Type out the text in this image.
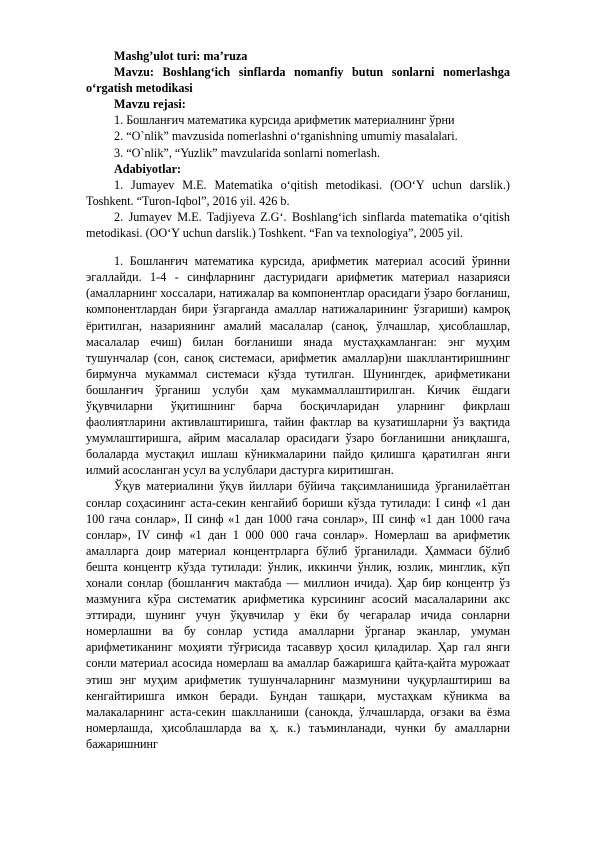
Mashg’ulot turi: ma’ruza

Mavzu: Boshlang‘ich sinflarda nomanfiy butun sonlarni nomerlashga o‘rgatish metodikasi

Mavzu rejasi:

1. Бошланғич математика курсида арифметик материалнинг ўрни

2. “O`nlik” mavzusida nomerlashni o‘rganishning umumiy masalalari.

3. “O`nlik”, “Yuzlik” mavzularida sonlarni nomerlash.

Adabiyotlar:

1. Jumayev M.E. Matematika o‘qitish metodikasi. (OO‘Y uchun darslik.) Toshkent. “Turon-Iqbol”, 2016 yil. 426 b.

2. Jumayev M.E. Tadjiyeva Z.G‘. Boshlang‘ich sinflarda matematika o‘qitish metodikasi. (OO‘Y uchun darslik.) Toshkent. “Fan va texnologiya”, 2005 yil.

1. Бошланғич математика курсида, арифметик материал асосий ўринни эгаллайди. 1-4 - синфларнинг дастуридаги арифметик материал назарияси (амалларнинг хоссалари, натижалар ва компонентлар орасидаги ўзаро боғланиш, компонентлардан бири ўзгарганда амаллар натижаларининг ўзгариши) камроқ ёритилган, назариянинг амалий масалалар (саноқ, ўлчашлар, ҳисоблашлар, масалалар ечиш) билан боғланиши янада мустаҳкамланган: энг муҳим тушунчалар (сон, саноқ системаси, арифметик амаллар)ни шакллантиришнинг бирмунча мукаммал системаси кўзда тутилган. Шунингдек, арифметикани бошланғич ўрганиш услуби ҳам мукаммаллаштирилган. Кичик ёшдаги ўқувчиларни ўқитишнинг барча босқичларидан уларнинг фикрлаш фаолиятларини активлаштиришга, тайин фактлар ва кузатишларни ўз вақтида умумлаштиришга, айрим масалалар орасидаги ўзаро боғланишни аниқлашга, болаларда мустақил ишлаш кўникмаларини пайдо қилишга қаратилган янги илмий асосланган усул ва услублари дастурга киритишган.

Ўқув материалини ўқув йиллари бўйича тақсимланишида ўрганилаётган сонлар соҳасининг аста-секин кенгайиб бориши кўзда тутилади: I синф «1 дан 100 гача сонлар», II синф «1 дан 1000 гача сонлар», III синф «1 дан 1000 гача сонлар», IV синф «1 дан 1 000 000 гача сонлар». Номерлаш ва арифметик амалларга доир материал концентрларга бўлиб ўрганилади. Ҳаммаси бўлиб бешта концентр кўзда тутилади: ўнлик, иккинчи ўнлик, юзлик, минглик, кўп хонали сонлар (бошланғич мактабда — миллион ичида). Ҳар бир концентр ўз мазмунига кўра систематик арифметика курсининг асосий масалаларини акс эттиради, шунинг учун ўқувчилар у ёки бу чегаралар ичида сонларни номерлашни ва бу сонлар устида амалларни ўрганар эканлар, умуман арифметиканинг моҳияти тўғрисида тасаввур ҳосил қиладилар. Ҳар гал янги сонли материал асосида номерлаш ва амаллар бажаришга қайта-қайта мурожаат этиш энг муҳим арифметик тушунчаларнинг мазмунини чуқурлаштириш ва кенгайтиришга имкон беради. Бундан ташқари, мустаҳкам кўникма ва малакаларнинг аста-секин шаклланиши (санокда, ўлчашларда, оғзаки ва ёзма номерлашда, ҳисоблашларда ва ҳ. к.) таъминланади, чунки бу амалларни бажаришнинг
